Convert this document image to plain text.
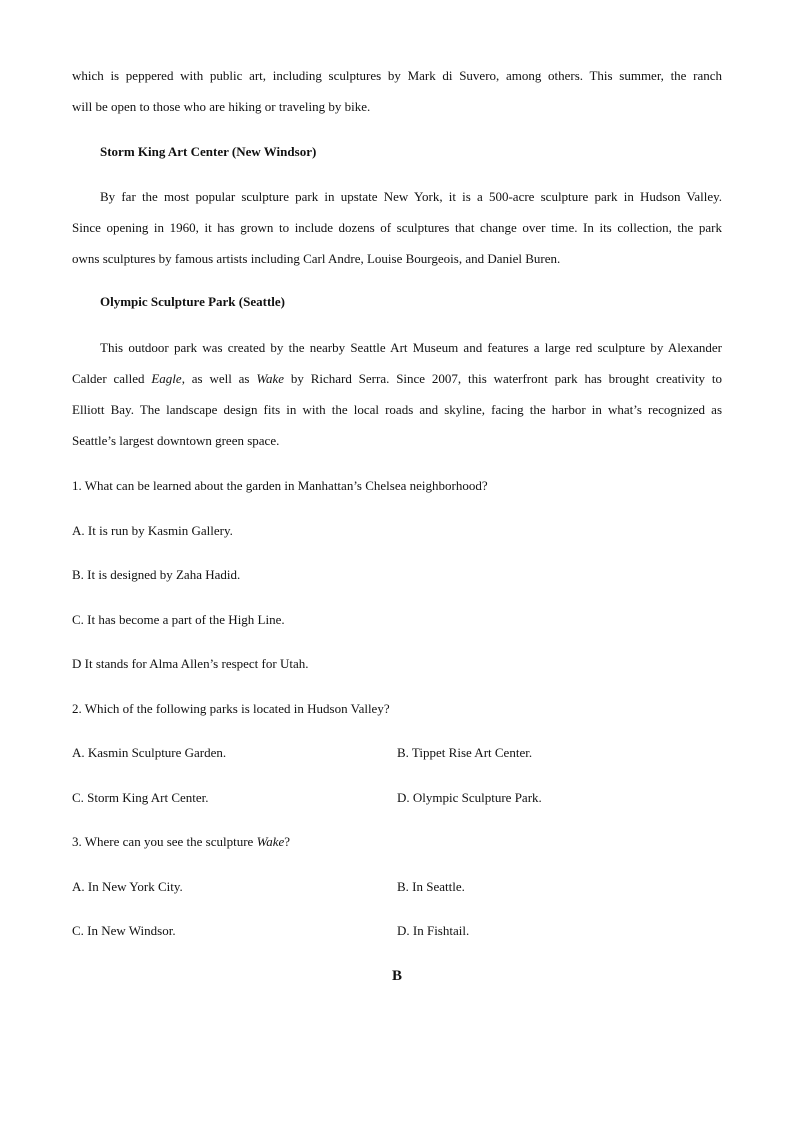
which is peppered with public art, including sculptures by Mark di Suvero, among others. This summer, the ranch
will be open to those who are hiking or traveling by bike.
Storm King Art Center (New Windsor)
By far the most popular sculpture park in upstate New York, it is a 500-acre sculpture park in Hudson Valley.
Since opening in 1960, it has grown to include dozens of sculptures that change over time. In its collection, the park
owns sculptures by famous artists including Carl Andre, Louise Bourgeois, and Daniel Buren.
Olympic Sculpture Park (Seattle)
This outdoor park was created by the nearby Seattle Art Museum and features a large red sculpture by Alexander
Calder called Eagle, as well as Wake by Richard Serra. Since 2007, this waterfront park has brought creativity to
Elliott Bay. The landscape design fits in with the local roads and skyline, facing the harbor in what’s recognized as
Seattle’s largest downtown green space.
1. What can be learned about the garden in Manhattan’s Chelsea neighborhood?
A. It is run by Kasmin Gallery.
B. It is designed by Zaha Hadid.
C. It has become a part of the High Line.
D It stands for Alma Allen’s respect for Utah.
2. Which of the following parks is located in Hudson Valley?
A. Kasmin Sculpture Garden.	B. Tippet Rise Art Center.
C. Storm King Art Center.	D. Olympic Sculpture Park.
3. Where can you see the sculpture Wake?
A. In New York City.	B. In Seattle.
C. In New Windsor.	D. In Fishtail.
B
